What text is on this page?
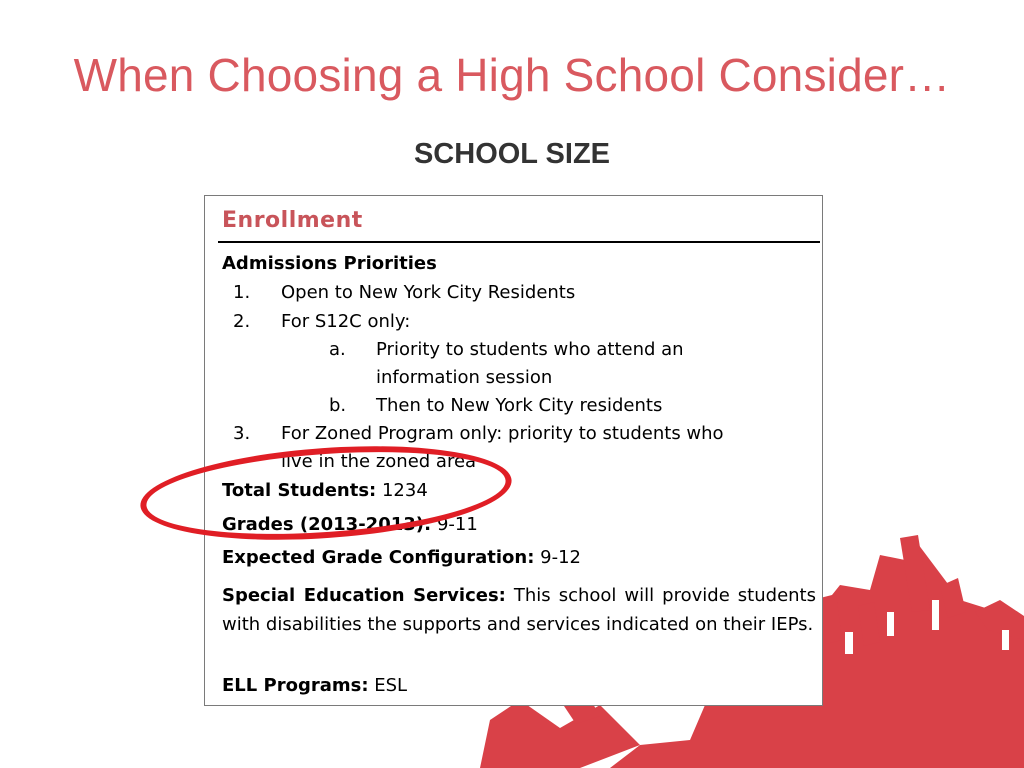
When Choosing a High School Consider…
SCHOOL SIZE
Enrollment
Admissions Priorities
1. Open to New York City Residents
2. For S12C only:
a. Priority to students who attend an
information session
b. Then to New York City residents
3. For Zoned Program only: priority to students who
live in the zoned area
Total Students: 1234
Grades (2013-2013): 9-11
Expected Grade Configuration: 9-12
Special Education Services: This school will provide students with disabilities the supports and services indicated on their IEPs.
ELL Programs: ESL
